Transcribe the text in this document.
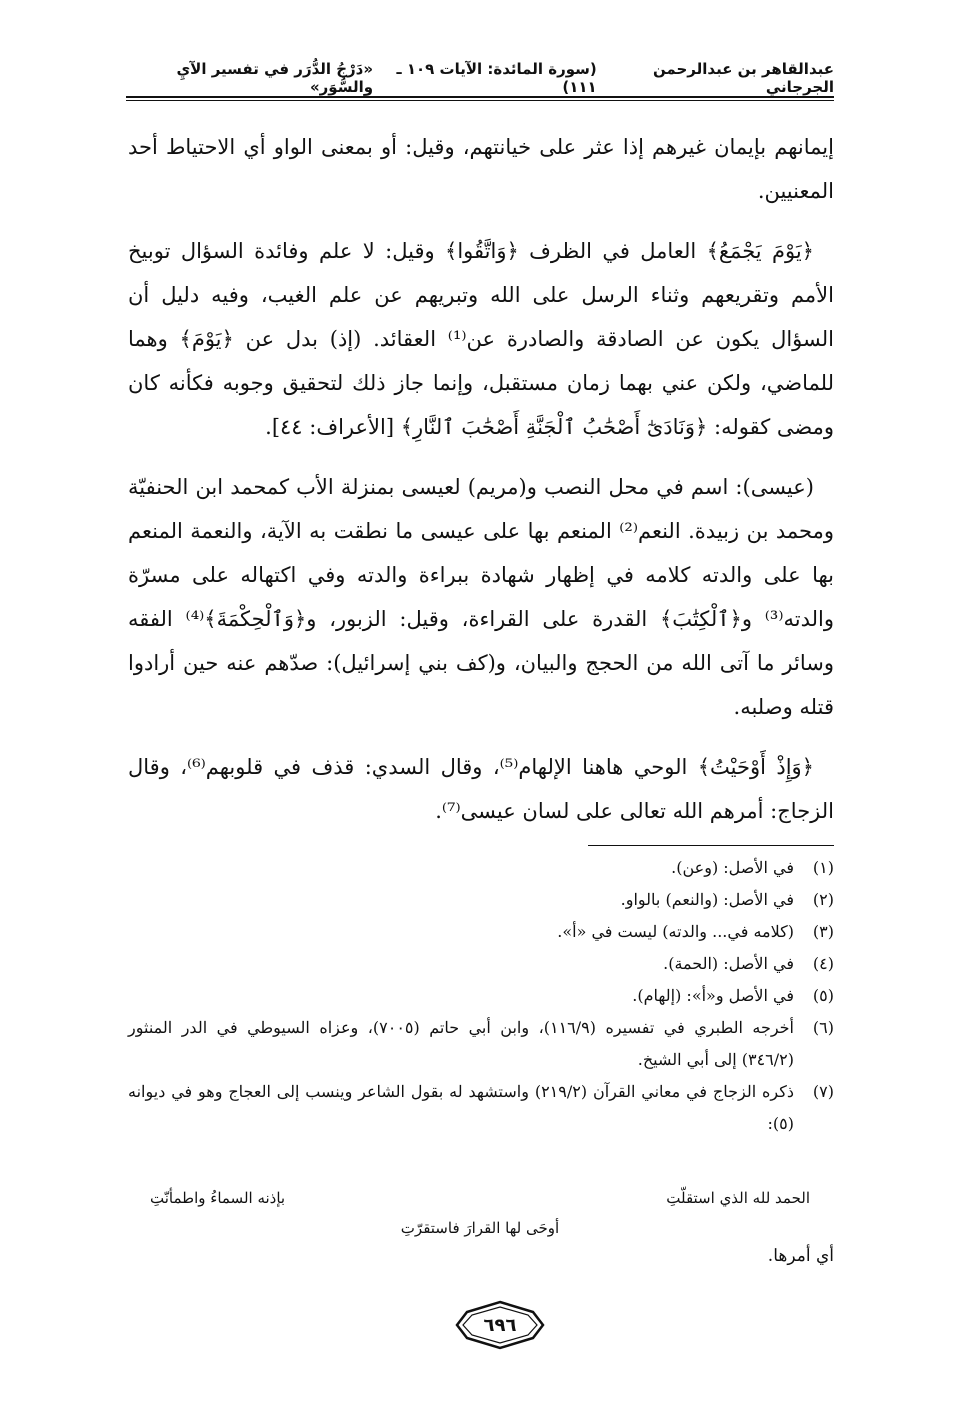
عبدالقاهر بن عبدالرحمن الجرجاني
(سورة المائدة: الآيات ١٠٩ ـ ١١١)
«دَرْجُ الدُّرَر في تفسير الآيِ والسُّوَر»

إيمانهم بإيمان غيرهم إذا عثر على خيانتهم، وقيل: أو بمعنى الواو أي الاحتياط أحد المعنيين.

﴿يَوْمَ يَجْمَعُ﴾ العامل في الظرف ﴿وَاتَّقُوا﴾ وقيل: لا علم وفائدة السؤال توبيخ الأمم وتقريعهم وثناء الرسل على الله وتبريهم عن علم الغيب، وفيه دليل أن السؤال يكون عن الصادقة والصادرة عن⁽¹⁾ العقائد. (إذ) بدل عن ﴿يَوْمَ﴾ وهما للماضي، ولكن عني بهما زمان مستقبل، وإنما جاز ذلك لتحقيق وجوبه فكأنه كان ومضى كقوله: ﴿وَنَادَىٰٓ أَصْحَٰبُ ٱلْجَنَّةِ أَصْحَٰبَ ٱلنَّارِ﴾ [الأعراف: ٤٤].

(عيسى): اسم في محل النصب و(مريم) لعيسى بمنزلة الأب كمحمد ابن الحنفيّة ومحمد بن زبيدة. النعم⁽²⁾ المنعم بها على عيسى ما نطقت به الآية، والنعمة المنعم بها على والدته كلامه في إظهار شهادة ببراءة والدته وفي اكتهاله على مسرّة والدته⁽³⁾ و﴿ٱلْكِتَٰبَ﴾ القدرة على القراءة، وقيل: الزبور، و﴿وَٱلْحِكْمَةَ﴾⁽⁴⁾ الفقه وسائر ما آتى الله من الحجج والبيان، و(كف بني إسرائيل): صدّهم عنه حين أرادوا قتله وصلبه.

﴿وَإِذْ أَوْحَيْتُ﴾ الوحي هاهنا الإلهام⁽⁵⁾، وقال السدي: قذف في قلوبهم⁽⁶⁾، وقال الزجاج: أمرهم الله تعالى على لسان عيسى⁽⁷⁾.

(١)
في الأصل: (وعن).
(٢)
في الأصل: (والنعم) بالواو.
(٣)
(كلامه في... والدته) ليست في «أ».
(٤)
في الأصل: (الحمة).
(٥)
في الأصل و«أ»: (إلهام).
(٦)
أخرجه الطبري في تفسيره (١١٦/٩)، وابن أبي حاتم (٧٠٠٥)، وعزاه السيوطي في الدر المنثور (٣٤٦/٢) إلى أبي الشيخ.
(٧)
ذكره الزجاج في معاني القرآن (٢١٩/٢) واستشهد له بقول الشاعر وينسب إلى العجاج وهو في ديوانه (٥):
الحمد لله الذي استقلّتِ
بإذنه السماءُ واطمأنّتِ
أوحَى لها القرارَ فاستقرّتِ
أي أمرها.
٦٩٦
